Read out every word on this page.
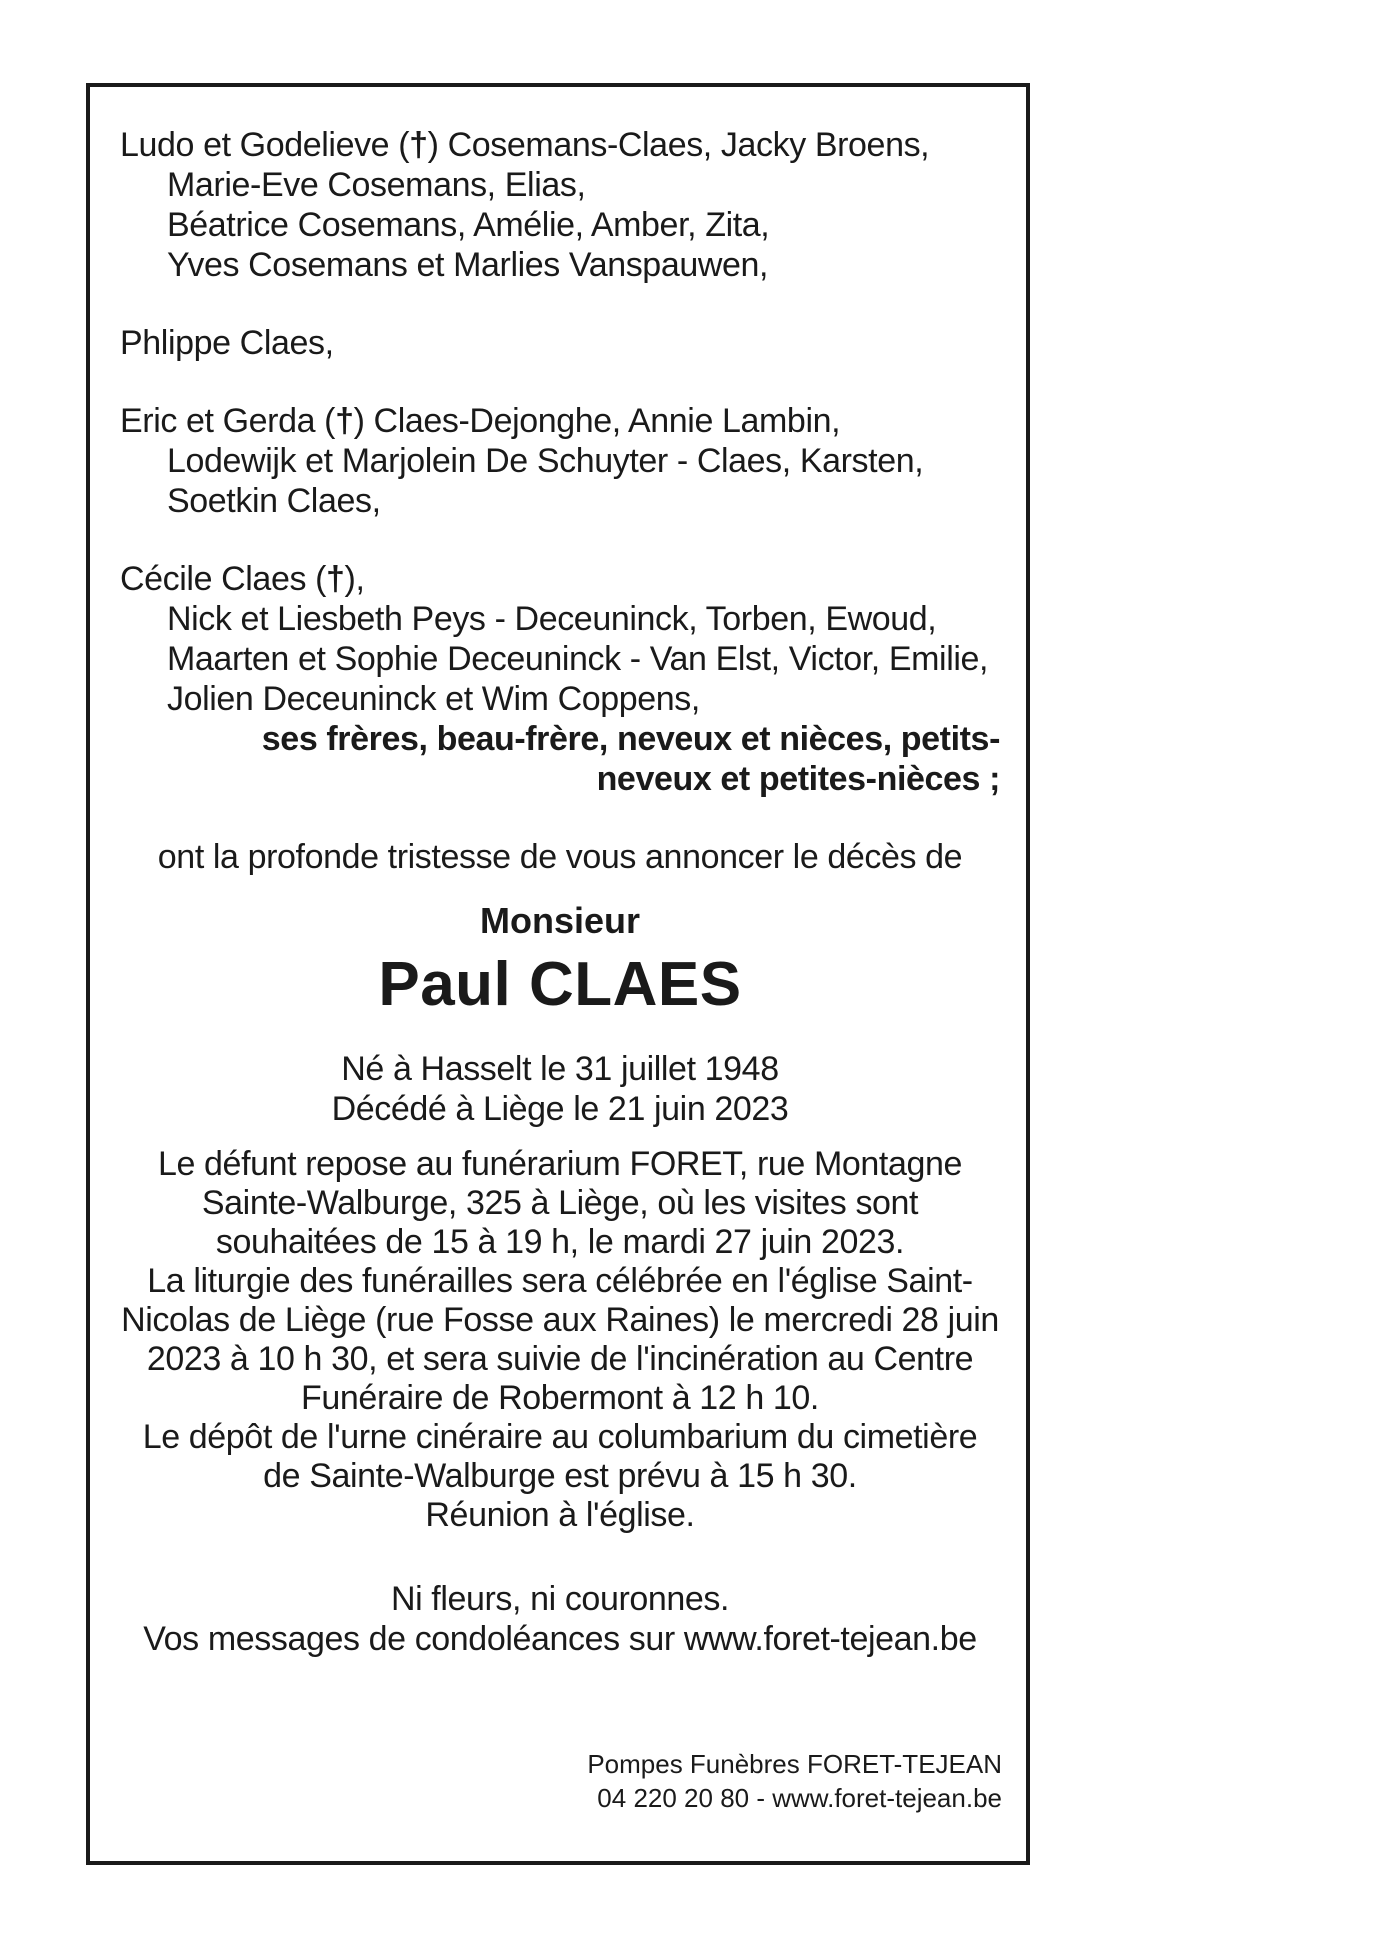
Ludo et Godelieve (†) Cosemans-Claes, Jacky Broens,
Marie-Eve Cosemans, Elias,
Béatrice Cosemans, Amélie, Amber, Zita,
Yves Cosemans et Marlies Vanspauwen,
Phlippe Claes,
Eric et Gerda (†) Claes-Dejonghe, Annie Lambin,
Lodewijk et Marjolein De Schuyter - Claes, Karsten,
Soetkin Claes,
Cécile Claes (†),
Nick et Liesbeth Peys - Deceuninck, Torben, Ewoud,
Maarten et Sophie Deceuninck - Van Elst, Victor, Emilie,
Jolien Deceuninck et Wim Coppens,
ses frères, beau-frère, neveux et nièces, petits-
neveux et petites-nièces ;
ont la profonde tristesse de vous annoncer le décès de
Monsieur
Paul CLAES
Né à Hasselt le 31 juillet 1948
Décédé à Liège le 21 juin 2023
Le défunt repose au funérarium FORET, rue Montagne
Sainte-Walburge, 325 à Liège, où les visites sont
souhaitées de 15 à 19 h, le mardi 27 juin 2023.
La liturgie des funérailles sera célébrée en l'église Saint-
Nicolas de Liège (rue Fosse aux Raines) le mercredi 28 juin
2023 à 10 h 30, et sera suivie de l'incinération au Centre
Funéraire de Robermont à 12 h 10.
Le dépôt de l'urne cinéraire au columbarium du cimetière
de Sainte-Walburge est prévu à 15 h 30.
Réunion à l'église.
Ni fleurs, ni couronnes.
Vos messages de condoléances sur www.foret-tejean.be
Pompes Funèbres FORET-TEJEAN
04 220 20 80 - www.foret-tejean.be
